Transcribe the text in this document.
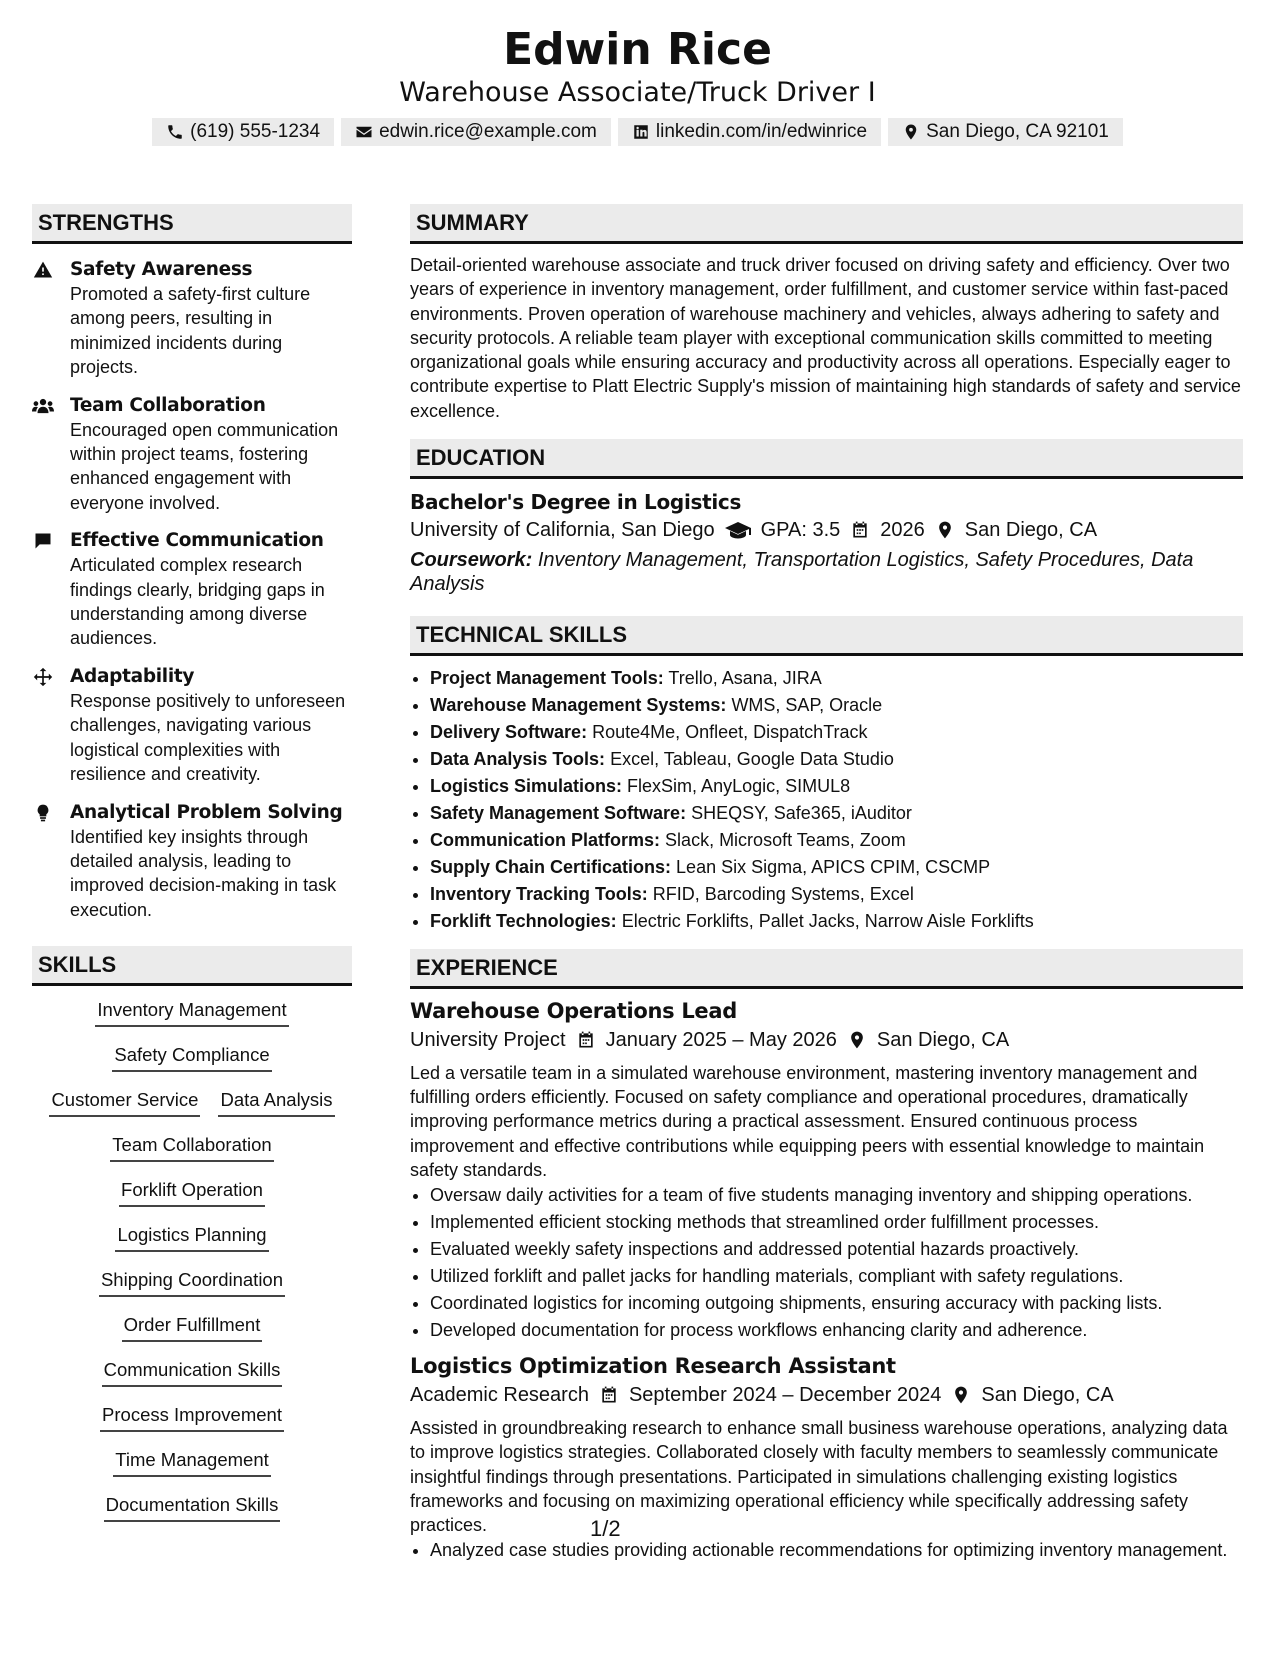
Edwin Rice
Warehouse Associate/Truck Driver I
(619) 555-1234	edwin.rice@example.com	linkedin.com/in/edwinrice	San Diego, CA 92101
STRENGTHS
Safety Awareness
Promoted a safety-first culture among peers, resulting in minimized incidents during projects.
Team Collaboration
Encouraged open communication within project teams, fostering enhanced engagement with everyone involved.
Effective Communication
Articulated complex research findings clearly, bridging gaps in understanding among diverse audiences.
Adaptability
Response positively to unforeseen challenges, navigating various logistical complexities with resilience and creativity.
Analytical Problem Solving
Identified key insights through detailed analysis, leading to improved decision-making in task execution.
SKILLS
Inventory Management
Safety Compliance
Customer Service Data Analysis
Team Collaboration
Forklift Operation
Logistics Planning
Shipping Coordination
Order Fulfillment
Communication Skills
Process Improvement
Time Management
Documentation Skills
SUMMARY

Detail-oriented warehouse associate and truck driver focused on driving safety and efficiency. Over two years of experience in inventory management, order fulfillment, and customer service within fast-paced environments. Proven operation of warehouse machinery and vehicles, always adhering to safety and security protocols. A reliable team player with exceptional communication skills committed to meeting organizational goals while ensuring accuracy and productivity across all operations. Especially eager to contribute expertise to Platt Electric Supply's mission of maintaining high standards of safety and service excellence.

EDUCATION
Bachelor's Degree in Logistics
University of California, San Diego GPA: 3.5 2026 San Diego, CA
Coursework: Inventory Management, Transportation Logistics, Safety Procedures, Data Analysis
TECHNICAL SKILLS
• Project Management Tools: Trello, Asana, JIRA
• Warehouse Management Systems: WMS, SAP, Oracle
• Delivery Software: Route4Me, Onfleet, DispatchTrack
• Data Analysis Tools: Excel, Tableau, Google Data Studio
• Logistics Simulations: FlexSim, AnyLogic, SIMUL8
• Safety Management Software: SHEQSY, Safe365, iAuditor
• Communication Platforms: Slack, Microsoft Teams, Zoom
• Supply Chain Certifications: Lean Six Sigma, APICS CPIM, CSCMP
• Inventory Tracking Tools: RFID, Barcoding Systems, Excel
• Forklift Technologies: Electric Forklifts, Pallet Jacks, Narrow Aisle Forklifts
EXPERIENCE
Warehouse Operations Lead
University Project January 2025 – May 2026 San Diego, CA
Led a versatile team in a simulated warehouse environment, mastering inventory management and fulfilling orders efficiently. Focused on safety compliance and operational procedures, dramatically improving performance metrics during a practical assessment. Ensured continuous process improvement and effective contributions while equipping peers with essential knowledge to maintain safety standards.
• Oversaw daily activities for a team of five students managing inventory and shipping operations.
• Implemented efficient stocking methods that streamlined order fulfillment processes.
• Evaluated weekly safety inspections and addressed potential hazards proactively.
• Utilized forklift and pallet jacks for handling materials, compliant with safety regulations.
• Coordinated logistics for incoming outgoing shipments, ensuring accuracy with packing lists.
• Developed documentation for process workflows enhancing clarity and adherence.
Logistics Optimization Research Assistant
Academic Research September 2024 – December 2024 San Diego, CA
Assisted in groundbreaking research to enhance small business warehouse operations, analyzing data to improve logistics strategies. Collaborated closely with faculty members to seamlessly communicate insightful findings through presentations. Participated in simulations challenging existing logistics frameworks and focusing on maximizing operational efficiency while specifically addressing safety practices.
• Analyzed case studies providing actionable recommendations for optimizing inventory management.
1/2
